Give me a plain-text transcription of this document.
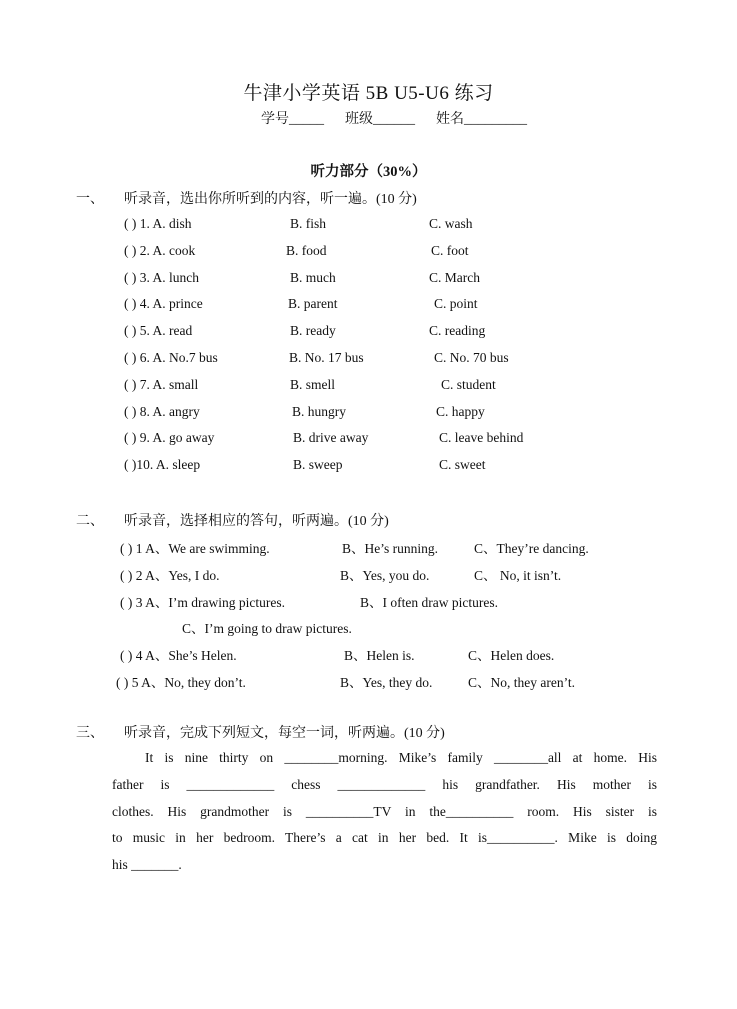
牛津小学英语 5B U5-U6 练习
学号_____ 班级______ 姓名_________
听力部分（30%）
一、 听录音，选出你所听到的内容，听一遍。(10 分)
( ) 1. A. dish	B. fish	C. wash
( ) 2. A. cook	B. food	C. foot
( ) 3. A. lunch	B. much	C. March
( ) 4. A. prince	B. parent	C. point
( ) 5. A. read	B. ready	C. reading
( ) 6. A. No.7 bus	B. No. 17 bus	C. No. 70 bus
( ) 7. A. small	B. smell	C. student
( ) 8. A. angry	B. hungry	C. happy
( ) 9. A. go away	B. drive away	C. leave behind
( )10. A. sleep	B. sweep	C. sweet
二、 听录音，选择相应的答句，听两遍。(10 分)
( ) 1 A、We are swimming.	B、He’s running.	C、They’re dancing.
( ) 2 A、Yes, I do.	B、Yes, you do.	C、 No, it isn’t.
( ) 3 A、I’m drawing pictures.	B、I often draw pictures.
C、I’m going to draw pictures.
( ) 4 A、She’s Helen.	B、Helen is.	C、Helen does.
( ) 5 A、No, they don’t.	B、Yes, they do.	C、No, they aren’t.
三、 听录音，完成下列短文，每空一词，听两遍。(10 分)
It is nine thirty on ________morning. Mike’s family ________all at home. His
father is _____________ chess _____________ his grandfather. His mother is
clothes. His grandmother is __________TV in the__________ room. His sister is
to music in her bedroom. There’s a cat in her bed. It is__________. Mike is doing
his _______.
